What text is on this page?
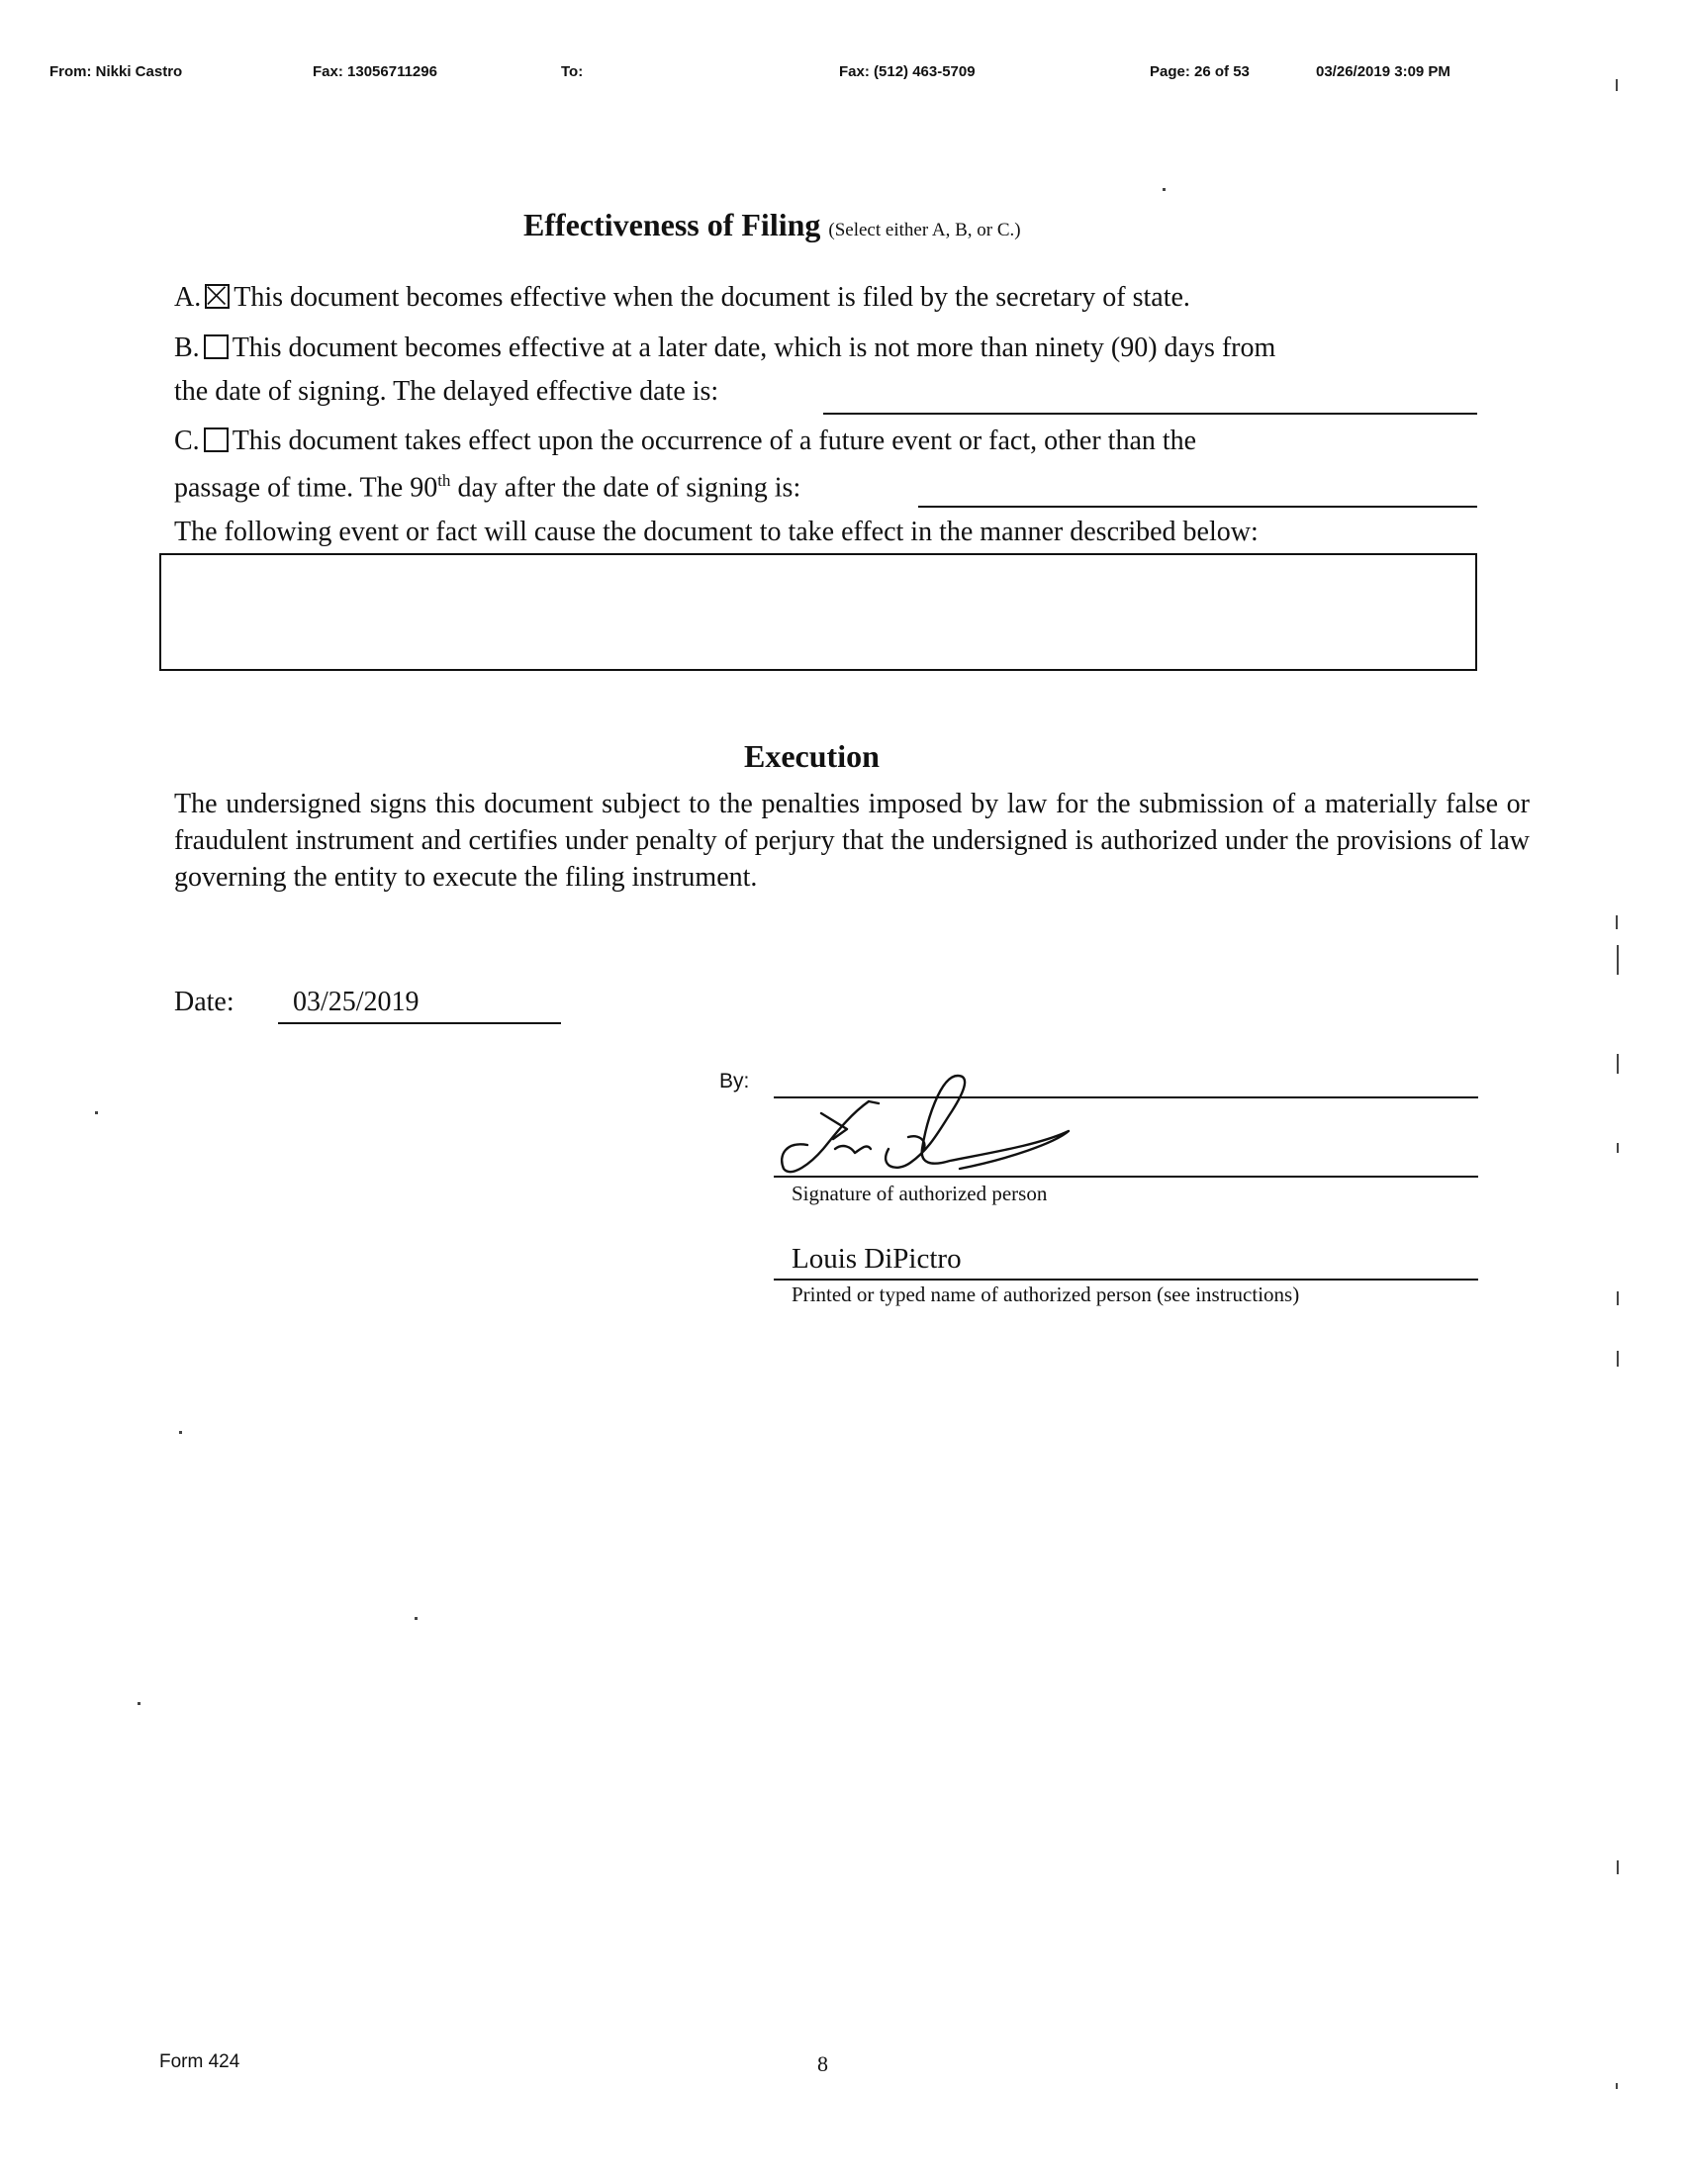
From: Nikki Castro	Fax: 13056711296	To:	Fax: (512) 463-5709	Page: 26 of 53	03/26/2019 3:09 PM
Effectiveness of Filing (Select either A, B, or C.)
A. This document becomes effective when the document is filed by the secretary of state.
B. This document becomes effective at a later date, which is not more than ninety (90) days from
the date of signing. The delayed effective date is:
C. This document takes effect upon the occurrence of a future event or fact, other than the
passage of time. The 90th day after the date of signing is:
The following event or fact will cause the document to take effect in the manner described below:
Execution
The undersigned signs this document subject to the penalties imposed by law for the submission of a materially false or fraudulent instrument and certifies under penalty of perjury that the undersigned is authorized under the provisions of law governing the entity to execute the filing instrument.
Date: 03/25/2019
By:
Signature of authorized person
Louis DiPictro
Printed or typed name of authorized person (see instructions)
Form 424	8
